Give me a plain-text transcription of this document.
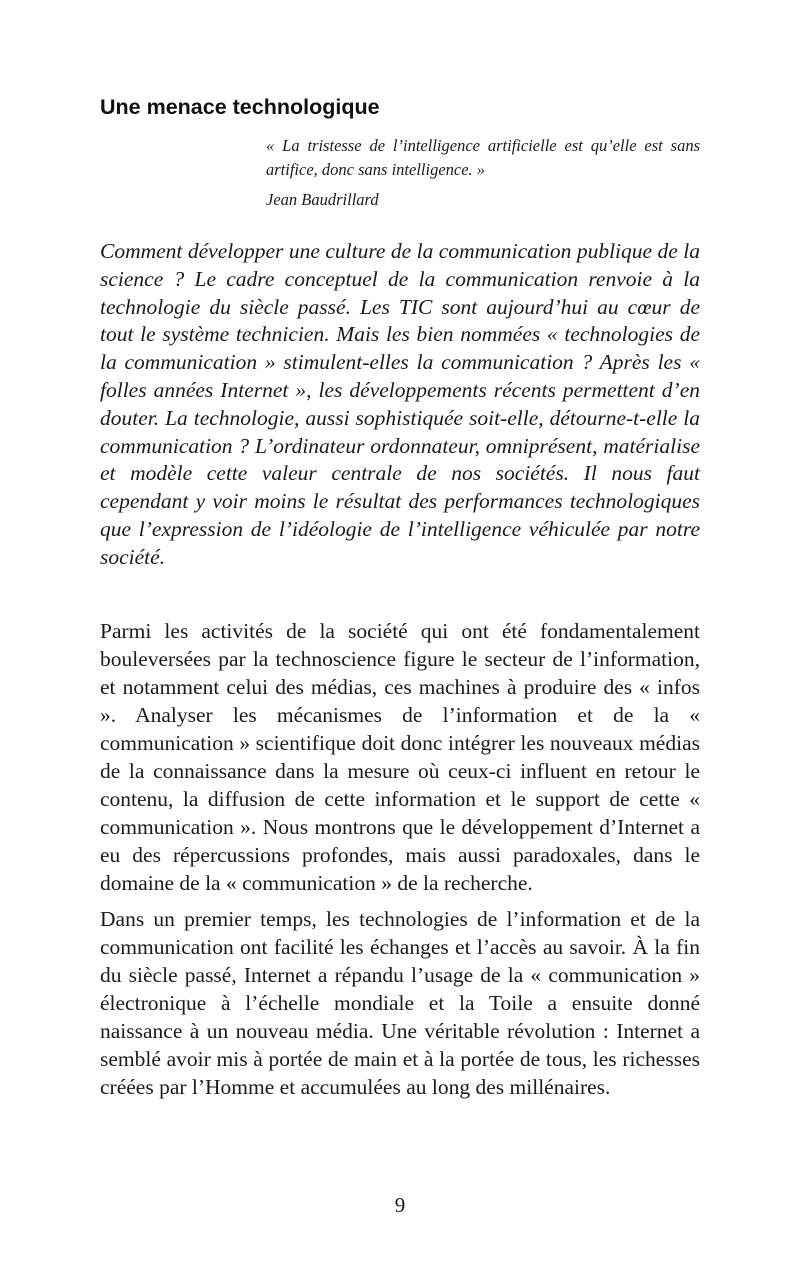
Une menace technologique
« La tristesse de l’intelligence artificielle est qu’elle est sans artifice, donc sans intelligence. »
Jean Baudrillard

Comment développer une culture de la communication publique de la science ? Le cadre conceptuel de la communication renvoie à la technologie du siècle passé. Les TIC sont aujourd’hui au cœur de tout le système technicien. Mais les bien nommées « technologies de la communication » stimulent-elles la communication ? Après les « folles années Internet », les développements récents permettent d’en douter. La technologie, aussi sophistiquée soit-elle, détourne-t-elle la communication ? L’ordinateur ordonnateur, omniprésent, matérialise et modèle cette valeur centrale de nos sociétés. Il nous faut cependant y voir moins le résultat des performances technologiques que l’expression de l’idéologie de l’intelligence véhiculée par notre société.

Parmi les activités de la société qui ont été fondamentalement bouleversées par la technoscience figure le secteur de l’information, et notamment celui des médias, ces machines à produire des « infos ». Analyser les mécanismes de l’information et de la « communication » scientifique doit donc intégrer les nouveaux médias de la connaissance dans la mesure où ceux-ci influent en retour le contenu, la diffusion de cette information et le support de cette « communication ». Nous montrons que le développement d’Internet a eu des répercussions profondes, mais aussi paradoxales, dans le domaine de la « communication » de la recherche.

Dans un premier temps, les technologies de l’information et de la communication ont facilité les échanges et l’accès au savoir. À la fin du siècle passé, Internet a répandu l’usage de la « communication » électronique à l’échelle mondiale et la Toile a ensuite donné naissance à un nouveau média. Une véritable révolution : Internet a semblé avoir mis à portée de main et à la portée de tous, les richesses créées par l’Homme et accumulées au long des millénaires.

9
